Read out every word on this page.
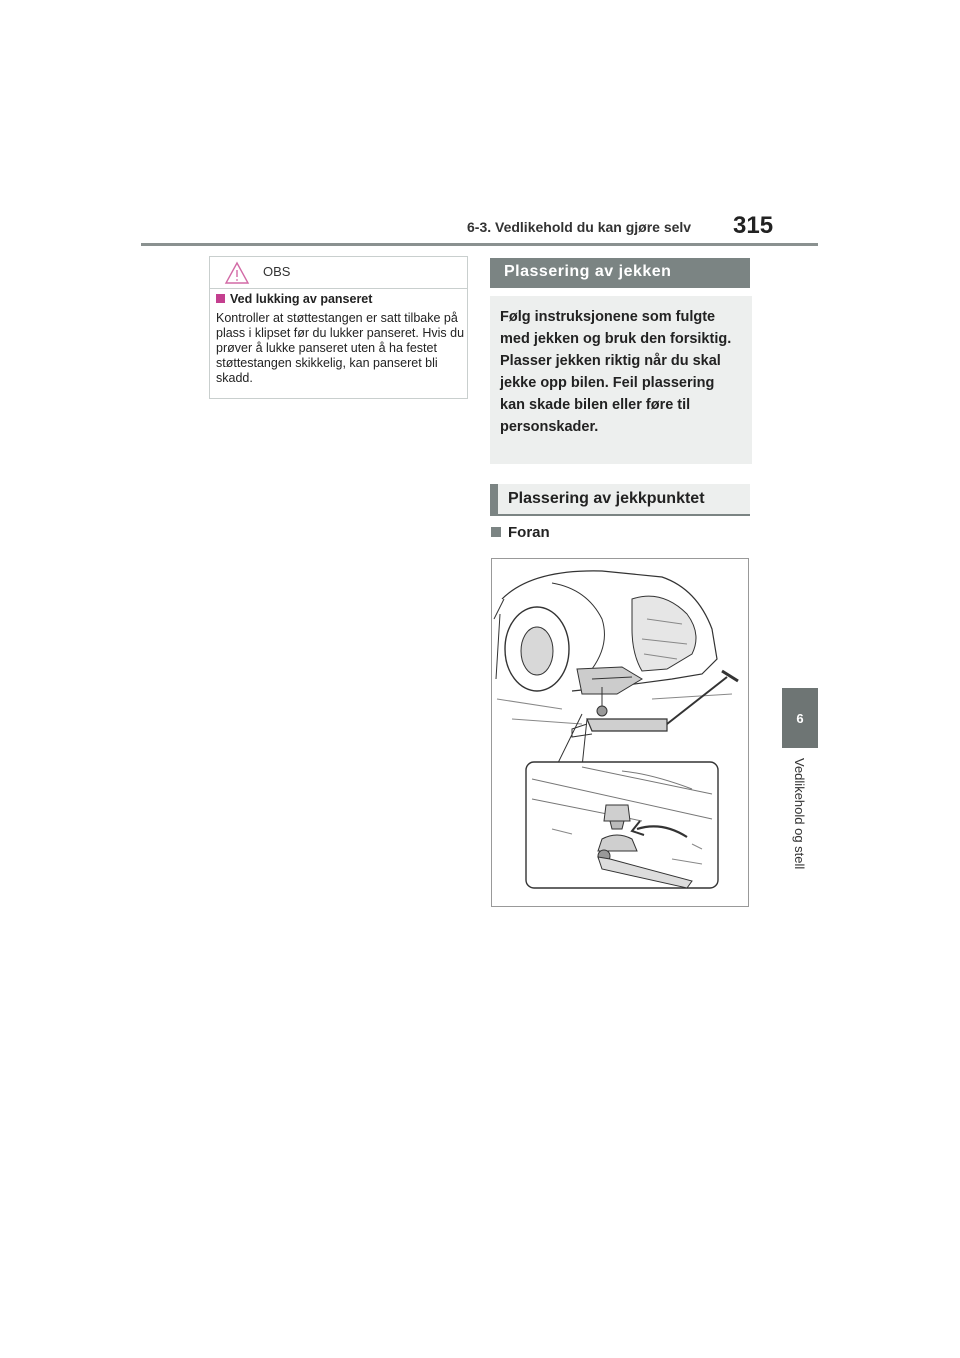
6-3. Vedlikehold du kan gjøre selv 315
6
Vedlikehold og stell
OBS
Ved lukking av panseret
Kontroller at støttestangen er satt tilbake på plass i klipset før du lukker panseret. Hvis du prøver å lukke panseret uten å ha festet støttestangen skikkelig, kan panseret bli skadd.
Plassering av jekken

Følg instruksjonene som fulgte med jekken og bruk den forsiktig.

Plasser jekken riktig når du skal jekke opp bilen. Feil plassering kan skade bilen eller føre til personskader.

Plassering av jekkpunktet
Foran
